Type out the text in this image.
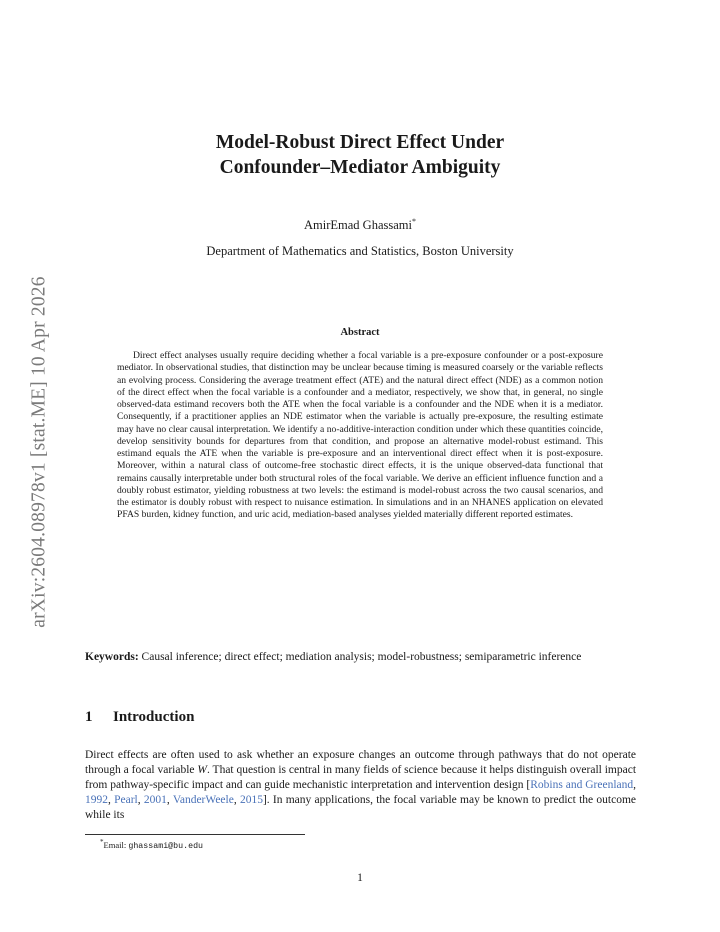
arXiv:2604.08978v1 [stat.ME] 10 Apr 2026
Model-Robust Direct Effect Under
Confounder–Mediator Ambiguity
AmirEmad Ghassami*
Department of Mathematics and Statistics, Boston University
Abstract

Direct effect analyses usually require deciding whether a focal variable is a pre-exposure confounder or a post-exposure mediator. In observational studies, that distinction may be unclear because timing is measured coarsely or the variable reflects an evolving process. Considering the average treatment effect (ATE) and the natural direct effect (NDE) as a common notion of the direct effect when the focal variable is a confounder and a mediator, respectively, we show that, in general, no single observed-data estimand recovers both the ATE when the focal variable is a confounder and the NDE when it is a mediator. Consequently, if a practitioner applies an NDE estimator when the variable is actually pre-exposure, the resulting estimate may have no clear causal interpretation. We identify a no-additive-interaction condition under which these quantities coincide, develop sensitivity bounds for departures from that condition, and propose an alternative model-robust estimand. This estimand equals the ATE when the variable is pre-exposure and an interventional direct effect when it is post-exposure. Moreover, within a natural class of outcome-free stochastic direct effects, it is the unique observed-data functional that remains causally interpretable under both structural roles of the focal variable. We derive an efficient influence function and a doubly robust estimator, yielding robustness at two levels: the estimand is model-robust across the two causal scenarios, and the estimator is doubly robust with respect to nuisance estimation. In simulations and in an NHANES application on elevated PFAS burden, kidney function, and uric acid, mediation-based analyses yielded materially different reported estimates.

Keywords: Causal inference; direct effect; mediation analysis; model-robustness; semiparametric inference

1 Introduction

Direct effects are often used to ask whether an exposure changes an outcome through pathways that do not operate through a focal variable W. That question is central in many fields of science because it helps distinguish overall impact from pathway-specific impact and can guide mechanistic interpretation and intervention design [Robins and Greenland, 1992, Pearl, 2001, VanderWeele, 2015]. In many applications, the focal variable may be known to predict the outcome while its

*Email: ghassami@bu.edu
1
